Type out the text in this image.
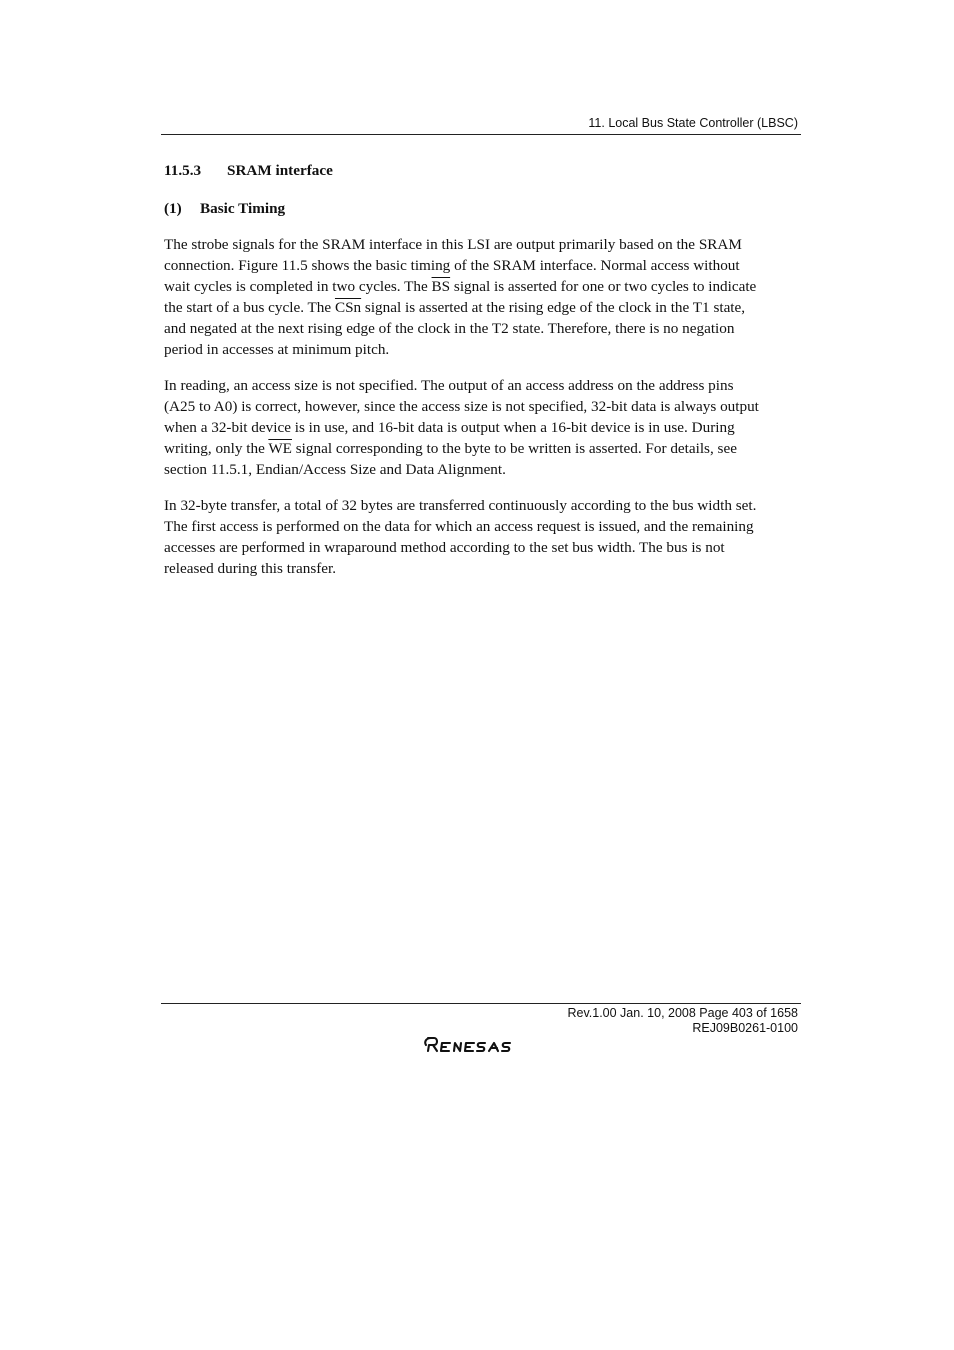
11. Local Bus State Controller (LBSC)
11.5.3 SRAM interface
(1) Basic Timing
The strobe signals for the SRAM interface in this LSI are output primarily based on the SRAM
connection. Figure 11.5 shows the basic timing of the SRAM interface. Normal access without
wait cycles is completed in two cycles. The $\overline{BS}$ signal is asserted for one or two cycles to indicate
the start of a bus cycle. The $\overline{CSn}$ signal is asserted at the rising edge of the clock in the T1 state,
and negated at the next rising edge of the clock in the T2 state. Therefore, there is no negation
period in accesses at minimum pitch.
In reading, an access size is not specified. The output of an access address on the address pins
(A25 to A0) is correct, however, since the access size is not specified, 32-bit data is always output
when a 32-bit device is in use, and 16-bit data is output when a 16-bit device is in use. During
writing, only the $\overline{WE}$ signal corresponding to the byte to be written is asserted. For details, see
section 11.5.1, Endian/Access Size and Data Alignment.
In 32-byte transfer, a total of 32 bytes are transferred continuously according to the bus width set.
The first access is performed on the data for which an access request is issued, and the remaining
accesses are performed in wraparound method according to the set bus width. The bus is not
released during this transfer.
Rev.1.00 Jan. 10, 2008 Page 403 of 1658
REJ09B0261-0100
